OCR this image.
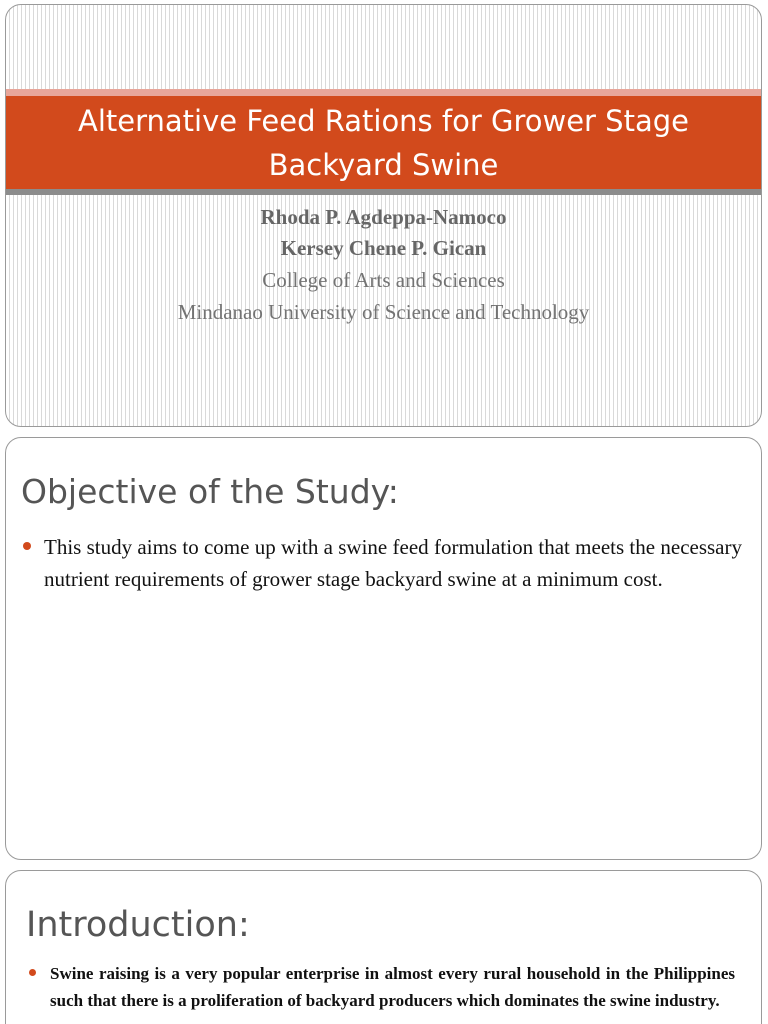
Alternative Feed Rations for Grower Stage Backyard Swine
Rhoda P. Agdeppa-Namoco
Kersey Chene P. Gican
College of Arts and Sciences
Mindanao University of Science and Technology
Objective of the Study:
This study aims to come up with a swine feed formulation that meets the necessary nutrient requirements of grower stage backyard swine at a minimum cost.
Introduction:
Swine raising is a very popular enterprise in almost every rural household in the Philippines such that there is a proliferation of backyard producers which dominates the swine industry.
